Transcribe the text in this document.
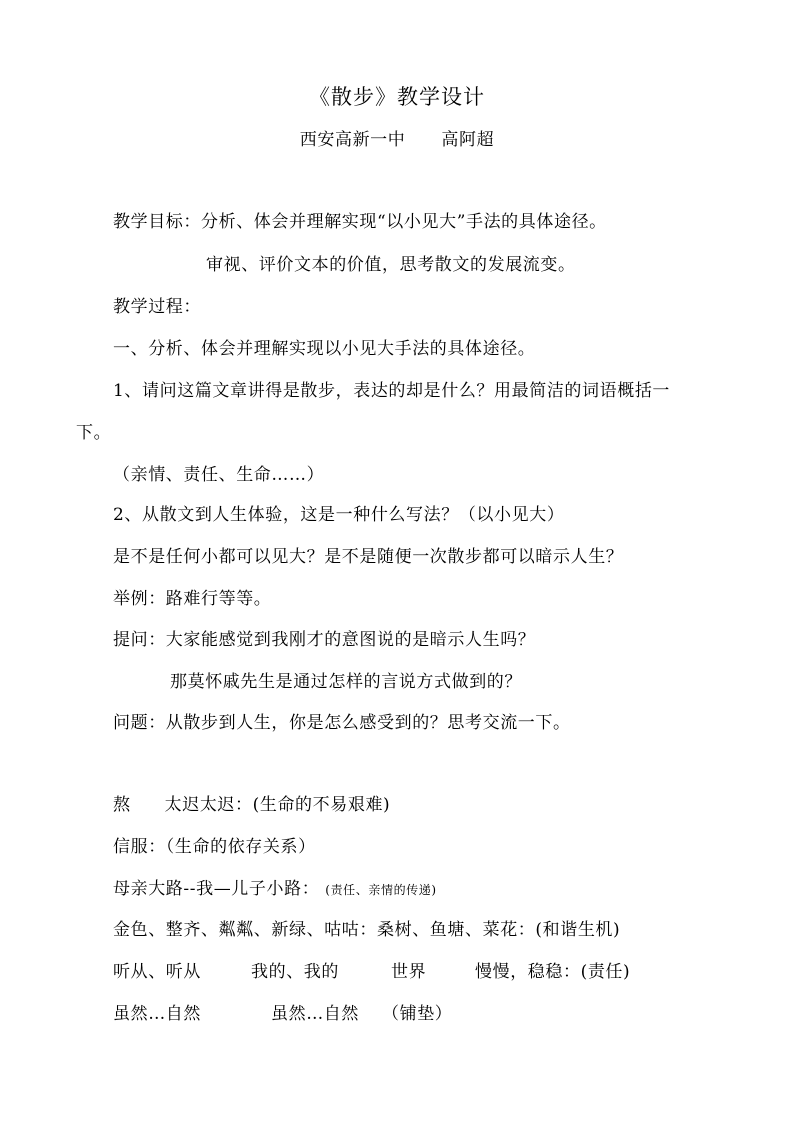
《散步》教学设计
西安高新一中 高阿超
教学目标：分析、体会并理解实现“以小见大”手法的具体途径。
审视、评价文本的价值，思考散文的发展流变。
教学过程：
一、分析、体会并理解实现以小见大手法的具体途径。
1、请问这篇文章讲得是散步，表达的却是什么？用最简洁的词语概括一
下。
（亲情、责任、生命……）
2、从散文到人生体验，这是一种什么写法？（以小见大）
是不是任何小都可以见大？是不是随便一次散步都可以暗示人生？
举例：路难行等等。
提问：大家能感觉到我刚才的意图说的是暗示人生吗？
那莫怀戚先生是通过怎样的言说方式做到的？
问题：从散步到人生，你是怎么感受到的？思考交流一下。
熬 太迟太迟：(生命的不易艰难)
信服：（生命的依存关系）
母亲大路--我—儿子小路： (责任、亲情的传递)
金色、整齐、粼粼、新绿、咕咕：桑树、鱼塘、菜花：(和谐生机)
听从、听从	我的、我的	世界	慢慢，稳稳：(责任)
虽然…自然	虽然…自然 （铺垫）
